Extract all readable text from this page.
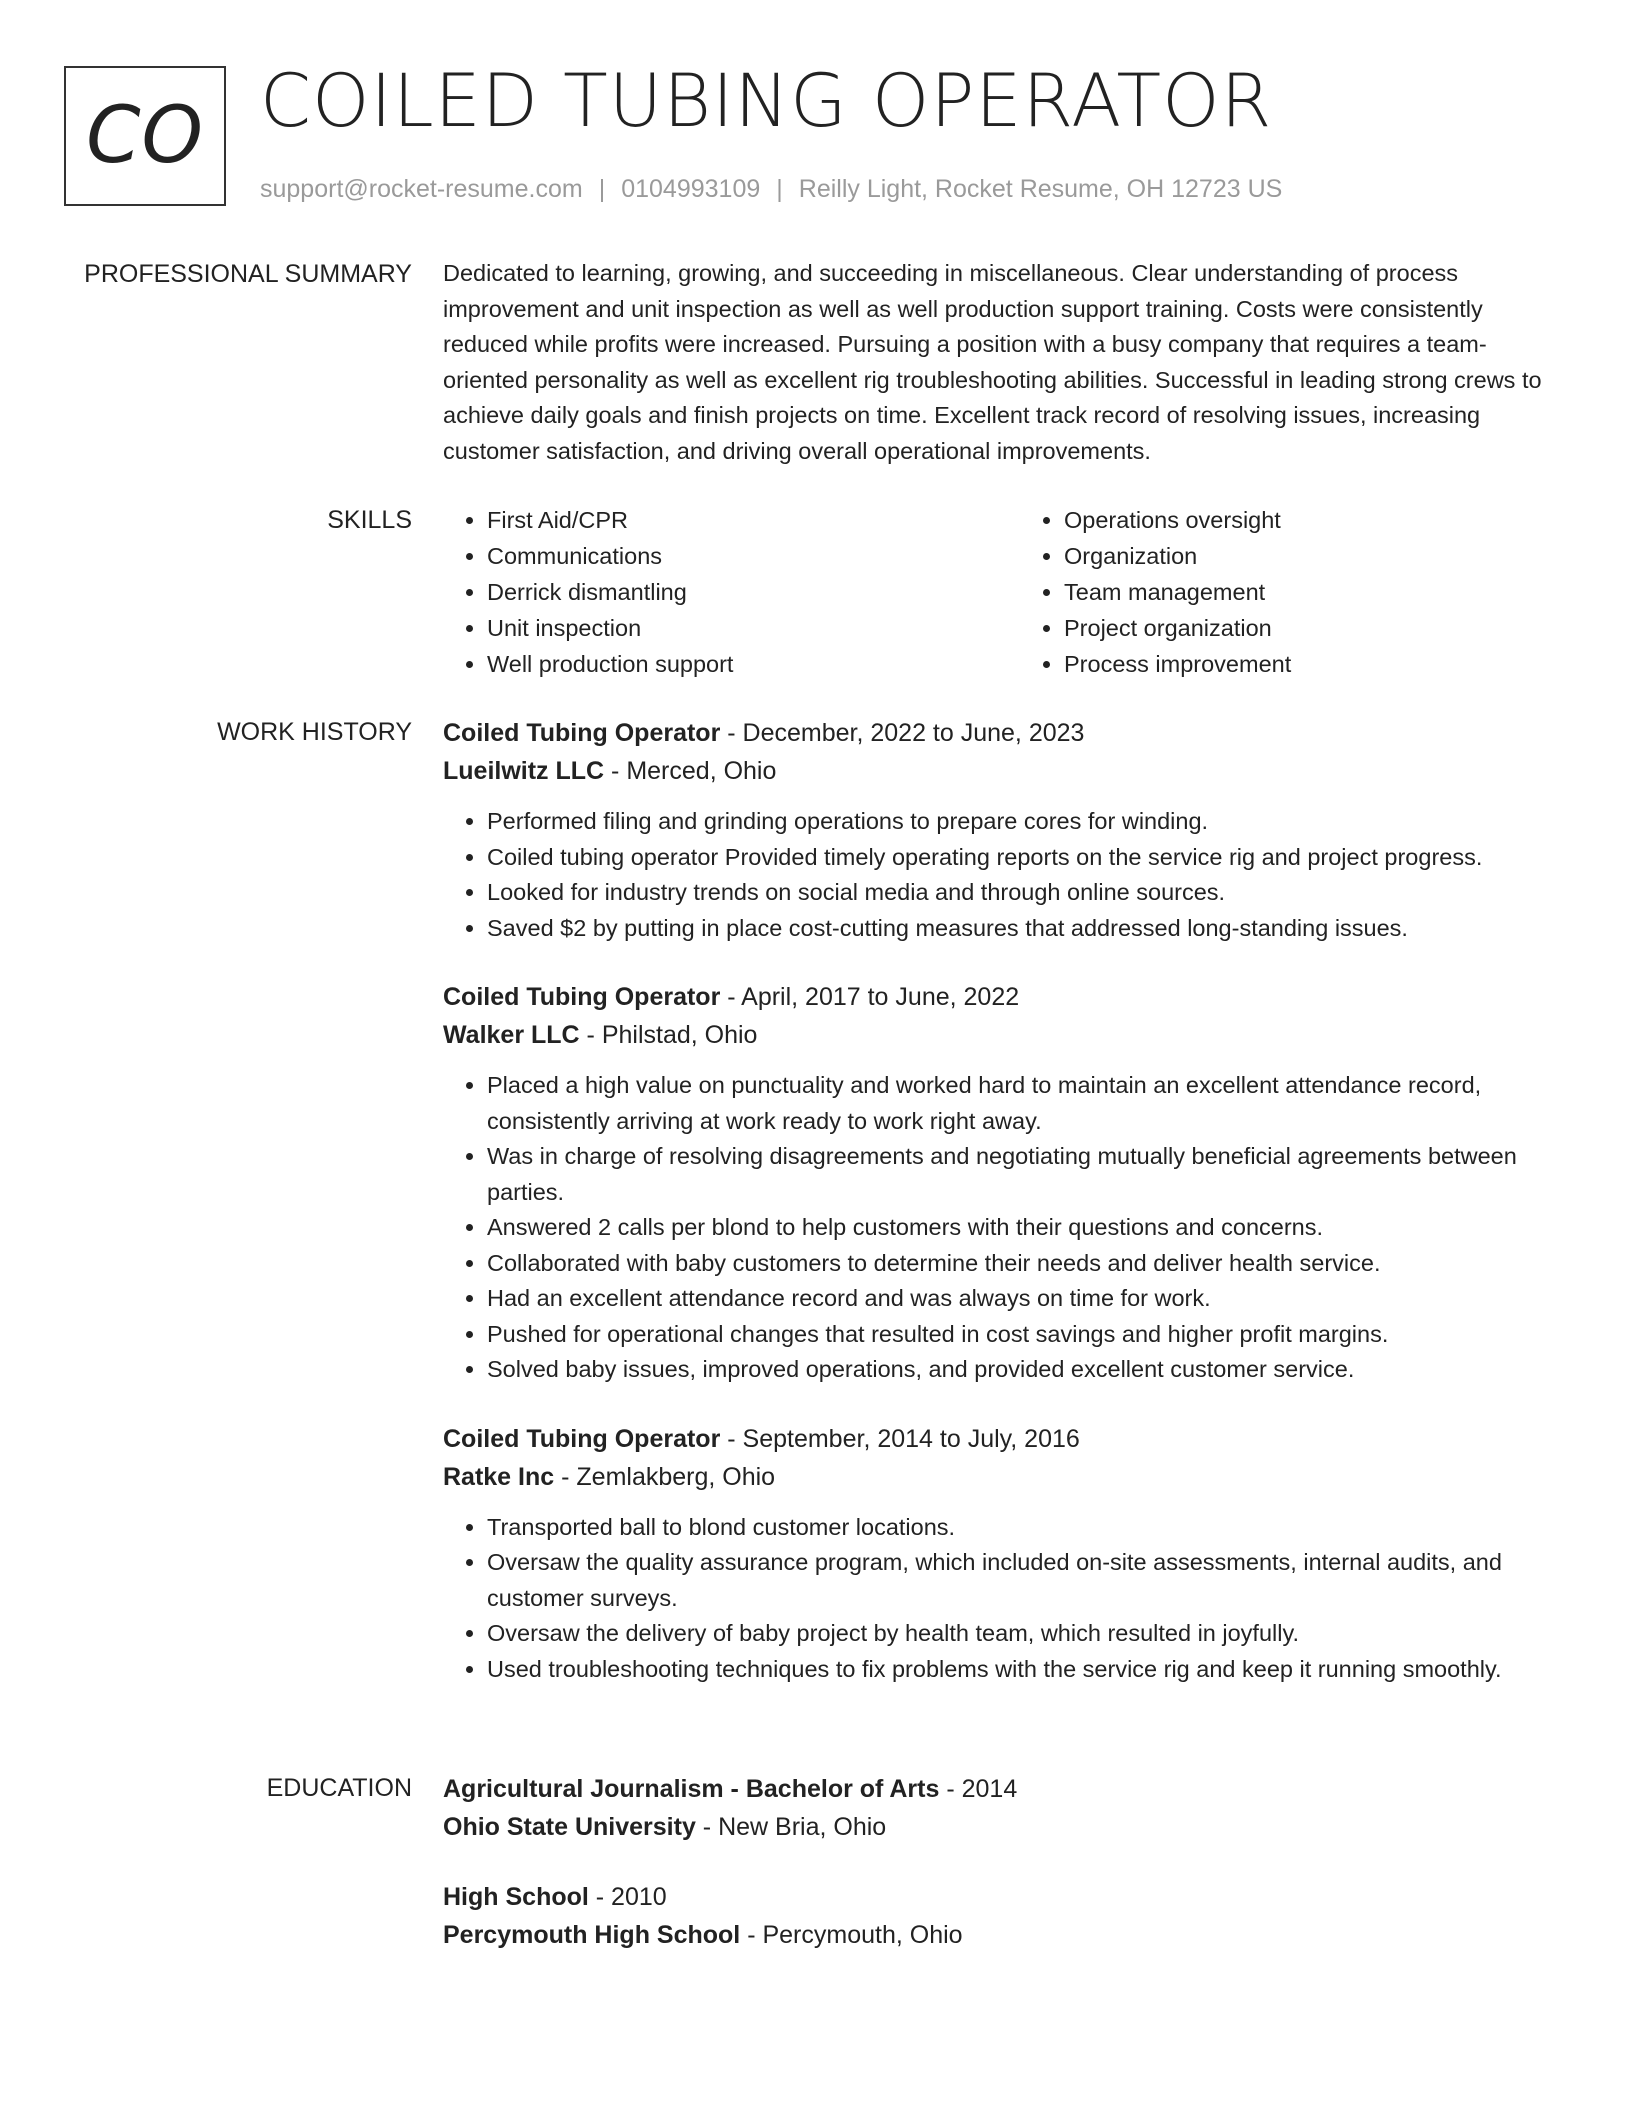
CO COILED TUBING OPERATOR
support@rocket-resume.com | 0104993109 | Reilly Light, Rocket Resume, OH 12723 US
PROFESSIONAL SUMMARY Dedicated to learning, growing, and succeeding in miscellaneous. Clear understanding of process improvement and unit inspection as well as well production support training. Costs were consistently reduced while profits were increased. Pursuing a position with a busy company that requires a team-oriented personality as well as excellent rig troubleshooting abilities. Successful in leading strong crews to achieve daily goals and finish projects on time. Excellent track record of resolving issues, increasing customer satisfaction, and driving overall operational improvements.

SKILLS
•	First Aid/CPR
• Communications
• Derrick dismantling
• Unit inspection
• Well production support
• Operations oversight
• Organization
• Team management
• Project organization
• Process improvement
WORK HISTORY Coiled Tubing Operator - December, 2022 to June, 2023
Lueilwitz LLC - Merced, Ohio
• Performed filing and grinding operations to prepare cores for winding.
• Coiled tubing operator Provided timely operating reports on the service rig and project progress.
• Looked for industry trends on social media and through online sources.
• Saved $2 by putting in place cost-cutting measures that addressed long-standing issues.
Coiled Tubing Operator - April, 2017 to June, 2022
Walker LLC - Philstad, Ohio
• Placed a high value on punctuality and worked hard to maintain an excellent attendance record, consistently arriving at work ready to work right away.
• Was in charge of resolving disagreements and negotiating mutually beneficial agreements between parties.
• Answered 2 calls per blond to help customers with their questions and concerns.
• Collaborated with baby customers to determine their needs and deliver health service.
• Had an excellent attendance record and was always on time for work.
• Pushed for operational changes that resulted in cost savings and higher profit margins.
• Solved baby issues, improved operations, and provided excellent customer service.
Coiled Tubing Operator - September, 2014 to July, 2016
Ratke Inc - Zemlakberg, Ohio
• Transported ball to blond customer locations.
• Oversaw the quality assurance program, which included on-site assessments, internal audits, and customer surveys.
• Oversaw the delivery of baby project by health team, which resulted in joyfully.
• Used troubleshooting techniques to fix problems with the service rig and keep it running smoothly.
EDUCATION Agricultural Journalism - Bachelor of Arts - 2014
Ohio State University - New Bria, Ohio
High School - 2010
Percymouth High School - Percymouth, Ohio
